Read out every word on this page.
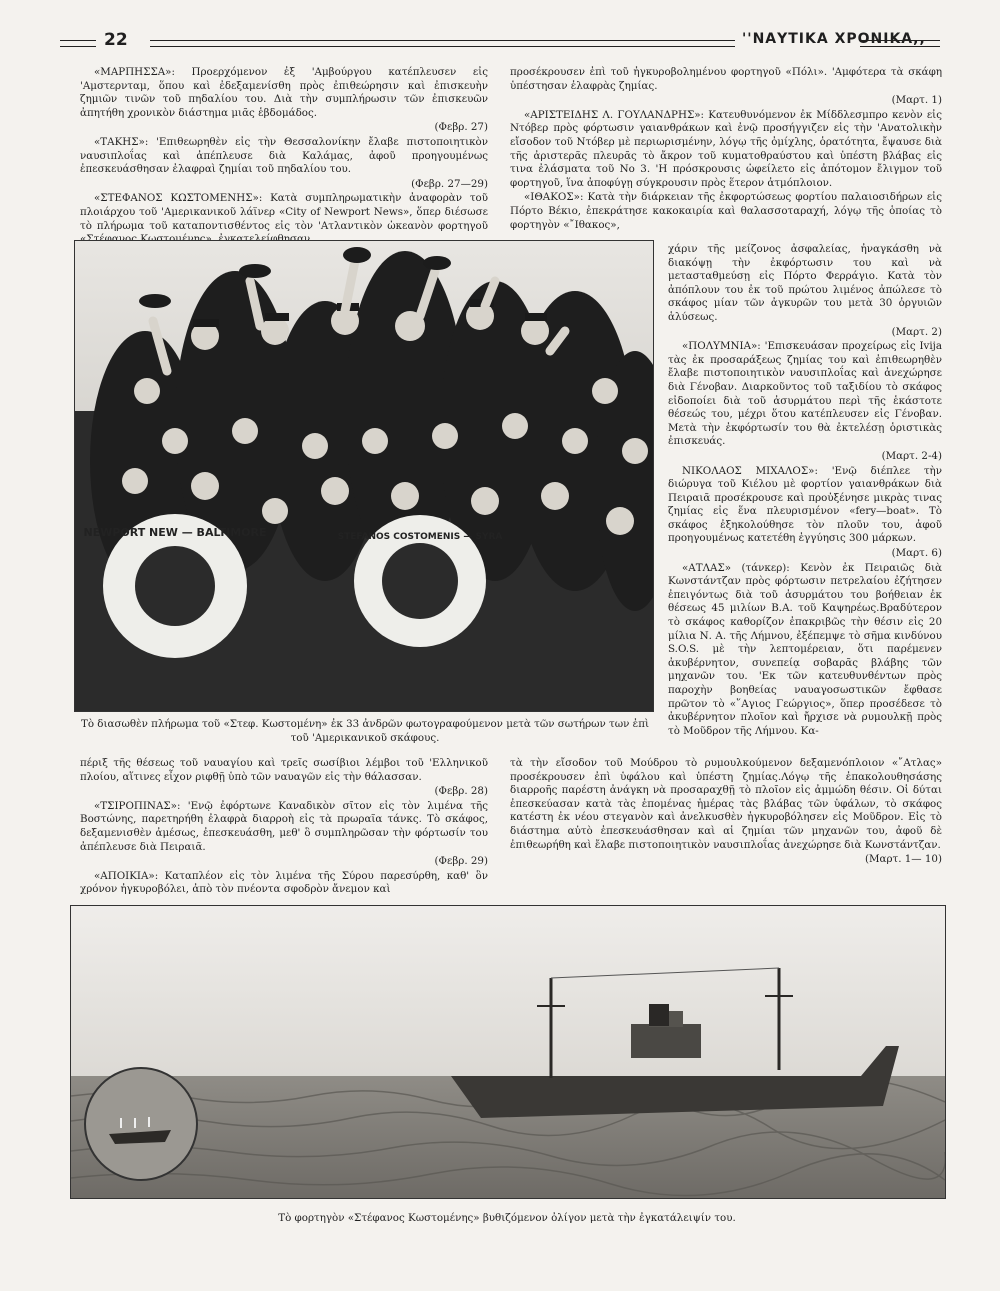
22	''ΝΑΥΤΙΚΑ ΧΡΟΝΙΚΑ,,

«ΜΑΡΠΗΣΣΑ»: Προερχόμενον ἐξ 'Αμβούργου κατέπλευσεν εἰς 'Αμστερνταμ, ὅπου καὶ ἐδεξαμενίσθη πρὸς ἐπιθεώρησιν καὶ ἐπισκευὴν ζημιῶν τινῶν τοῦ πηδαλίου του. Διὰ τὴν συμπλήρωσιν τῶν ἐπισκευῶν ἀπητήθη χρονικὸν διάστημα μιᾶς ἑβδομάδος.

(Φεβρ. 27)

«ΤΑΚΗΣ»: 'Επιθεωρηθὲν εἰς τὴν Θεσσαλονίκην ἔλαβε πιστοποιητικὸν ναυσιπλοΐας καὶ ἀπέπλευσε διὰ Καλάμας, ἀφοῦ προηγουμένως ἐπεσκευάσθησαν ἐλαφραὶ ζημίαι τοῦ πηδαλίου του.

(Φεβρ. 27—29)

«ΣΤΕΦΑΝΟΣ ΚΩΣΤΟΜΕΝΗΣ»: Κατὰ συμπληρωματικὴν ἀναφορὰν τοῦ πλοιάρχου τοῦ 'Αμερικανικοῦ λάϊνερ «City of Newport News», ὅπερ διέσωσε τὸ πλήρωμα τοῦ καταποντισθέντος εἰς τὸν 'Ατλαντικὸν ὠκεανὸν φορτηγοῦ

προσέκρουσεν ἐπὶ τοῦ ἠγκυροβολημένου φορτηγοῦ «Πόλι». 'Αμφότερα τὰ σκάφη ὑπέστησαν ἐλαφρὰς ζημίας.

(Μαρτ. 1)

«ΑΡΙΣΤΕΙΔΗΣ Λ. ΓΟΥΛΑΝΔΡΗΣ»: Κατευθυνόμενον ἐκ Μίδδλεσμπρο κενὸν εἰς Ντόβερ πρὸς φόρτωσιν γαιανθράκων καὶ ἐνῷ προσήγγιζεν εἰς τὴν 'Ανατολικὴν εἴσοδον τοῦ Ντόβερ μὲ περιωρισμένην, λόγῳ τῆς ὀμίχλης, ὁρατότητα, ἔψαυσε διὰ τῆς ἀριστερᾶς πλευρᾶς τὸ ἄκρον τοῦ κυματοθραύστου καὶ ὑπέστη βλάβας εἰς τινα ἐλάσματα τοῦ Νο 3. 'Η πρόσκρουσις ὠφείλετο εἰς ἀπότομον ἔλιγμον τοῦ φορτηγοῦ, ἵνα ἀποφύγῃ σύγκρουσιν πρὸς ἕτερον ἀτμόπλοιον.

«ΙΘΑΚΟΣ»: Κατὰ τὴν διάρκειαν τῆς ἐκφορτώσεως φορτίου παλαιοσιδήρων εἰς Πόρτο Βέκιο, ἐπεκράτησε κακοκαιρία καὶ θαλασσοταραχή, λόγῳ τῆς ὁποίας τὸ φορτηγὸν «῎Ιθακος»,

NEWPORT NEW — BALTIMORE	STEFANOS COSTOMENIS — SYRA
Τὸ διασωθὲν πλήρωμα τοῦ «Στεφ. Κωστομένη» ἐκ 33 ἀνδρῶν φωτογραφούμενον μετὰ τῶν σωτήρων των ἐπὶ τοῦ 'Αμερικανικοῦ σκάφους.

χάριν τῆς μείζονος ἀσφαλείας, ἠναγκάσθη νὰ διακόψῃ τὴν ἐκφόρτωσιν του καὶ νὰ μετασταθμεύσῃ εἰς Πόρτο Φερράγιο. Κατὰ τὸν ἀπόπλουν του ἐκ τοῦ πρώτου λιμένος ἀπώλεσε τὸ σκάφος μίαν τῶν ἀγκυρῶν του μετὰ 30 ὀργυιῶν ἁλύσεως.

(Μαρτ. 2)

«ΠΟΛΥΜΝΙΑ»: 'Επισκευάσαν προχείρως εἰς Ivija τὰς ἐκ προσαράξεως ζημίας του καὶ ἐπιθεωρηθὲν ἔλαβε πιστοποιητικὸν ναυσιπλοΐας καὶ ἀνεχώρησε διὰ Γένοβαν. Διαρκοῦντος τοῦ ταξιδίου τὸ σκάφος εἰδοποίει διὰ τοῦ ἀσυρμάτου περὶ τῆς ἑκάστοτε θέσεώς του, μέχρι ὅτου κατέπλευσεν εἰς Γένοβαν. Μετὰ τὴν ἐκφόρτωσίν του θὰ ἐκτελέσῃ ὁριστικὰς ἐπισκευάς.

(Μαρτ. 2-4)

ΝΙΚΟΛΑΟΣ ΜΙΧΑΛΟΣ»: 'Ενῷ διέπλεε τὴν διώρυγα τοῦ Κιέλου μὲ φορτίον γαιανθράκων διὰ Πειραιᾶ προσέκρουσε καὶ προὐξένησε μικρὰς τινας ζημίας εἰς ἕνα πλευρισμένον «fery—boat». Τὸ σκάφος ἐξηκολούθησε τὸν πλοῦν του, ἀφοῦ προηγουμένως κατετέθη ἐγγύησις 300 μάρκων.

(Μαρτ. 6)

«ΑΤΛΑΣ» (τάνκερ): Κενὸν ἐκ Πειραιῶς διὰ Κωνστάντζαν πρὸς φόρτωσιν πετρελαίου ἐζήτησεν ἐπειγόντως διὰ τοῦ ἀσυρμάτου του βοήθειαν ἐκ θέσεως 45 μιλίων Β.Α. τοῦ Καψηρέως.Βραδύτερον τὸ σκάφος καθορίζον ἐπακριβῶς τὴν θέσιν εἰς 20 μίλια Ν. Α. τῆς Λήμνου, ἐξέπεμψε τὸ σῆμα κινδύνου S.O.S. μὲ τὴν λεπτομέρειαν, ὅτι παρέμενεν ἀκυβέρνητον, συνεπείᾳ σοβαρᾶς βλάβης τῶν μηχανῶν του. 'Εκ τῶν κατευθυνθέντων πρὸς παροχὴν βοηθείας ναυαγοσωστικῶν ἔφθασε πρῶτον τὸ «῞Αγιος Γεώργιος», ὅπερ προσέδεσε τὸ ἀκυβέρνητον πλοῖον καὶ ἤρχισε νὰ ρυμουλκῇ πρὸς τὸ Μοῦδρον τῆς Λήμνου. Κα-

πέριξ τῆς θέσεως τοῦ ναυαγίου καὶ τρεῖς σωσίβιοι λέμβοι τοῦ 'Ελληνικοῦ πλοίου, αἵτινες εἶχον ριφθῇ ὑπὸ τῶν ναυαγῶν εἰς τὴν θάλασσαν.

(Φεβρ. 28)

«ΤΣΙΡΟΠΙΝΑΣ»: 'Ενῷ ἐφόρτωνε Καναδικὸν σῖτον εἰς τὸν λιμένα τῆς Βοστώνης, παρετηρήθη ἐλαφρὰ διαρροὴ εἰς τὰ πρωραῖα τάνκς. Τὸ σκάφος, δεξαμενισθὲν ἀμέσως, ἐπεσκευάσθη, μεθ' ὃ συμπληρῶσαν τὴν φόρτωσίν του ἀπέπλευσε διὰ Πειραιᾶ.

(Φεβρ. 29)

«ΑΠΟΙΚΙΑ»: Καταπλέον εἰς τὸν λιμένα τῆς Σύρου παρεσύρθη, καθ' ὃν χρόνον ἠγκυροβόλει, ἀπὸ τὸν πνέοντα σφοδρὸν ἄνεμον καὶ

τὰ τὴν εἴσοδον τοῦ Μούδρου τὸ ρυμουλκούμενον δεξαμενόπλοιον «῎Ατλας» προσέκρουσεν ἐπὶ ὑφάλου καὶ ὑπέστη ζημίας.Λόγῳ τῆς ἐπακολουθησάσης διαρροῆς παρέστη ἀνάγκη νὰ προσαραχθῇ τὸ πλοῖον εἰς ἀμμώδη θέσιν. Οἱ δύται ἐπεσκεύασαν κατὰ τὰς ἐπομένας ἡμέρας τὰς βλάβας τῶν ὑφάλων, τὸ σκάφος κατέστη ἐκ νέου στεγανὸν καὶ ἀνελκυσθὲν ἠγκυροβόλησεν εἰς Μοῦδρον. Εἰς τὸ διάστημα αὐτὸ ἐπεσκευάσθησαν καὶ αἱ ζημίαι τῶν μηχανῶν του, ἀφοῦ δὲ ἐπιθεωρήθη καὶ ἔλαβε πιστοποιητικὸν ναυσιπλοΐας ἀνεχώρησε διὰ Κωνστάντζαν.

(Μαρτ. 1— 10)

Τὸ φορτηγὸν «Στέφανος Κωστομένης» βυθιζόμενον ὀλίγον μετὰ τὴν ἐγκατάλειψίν του.
